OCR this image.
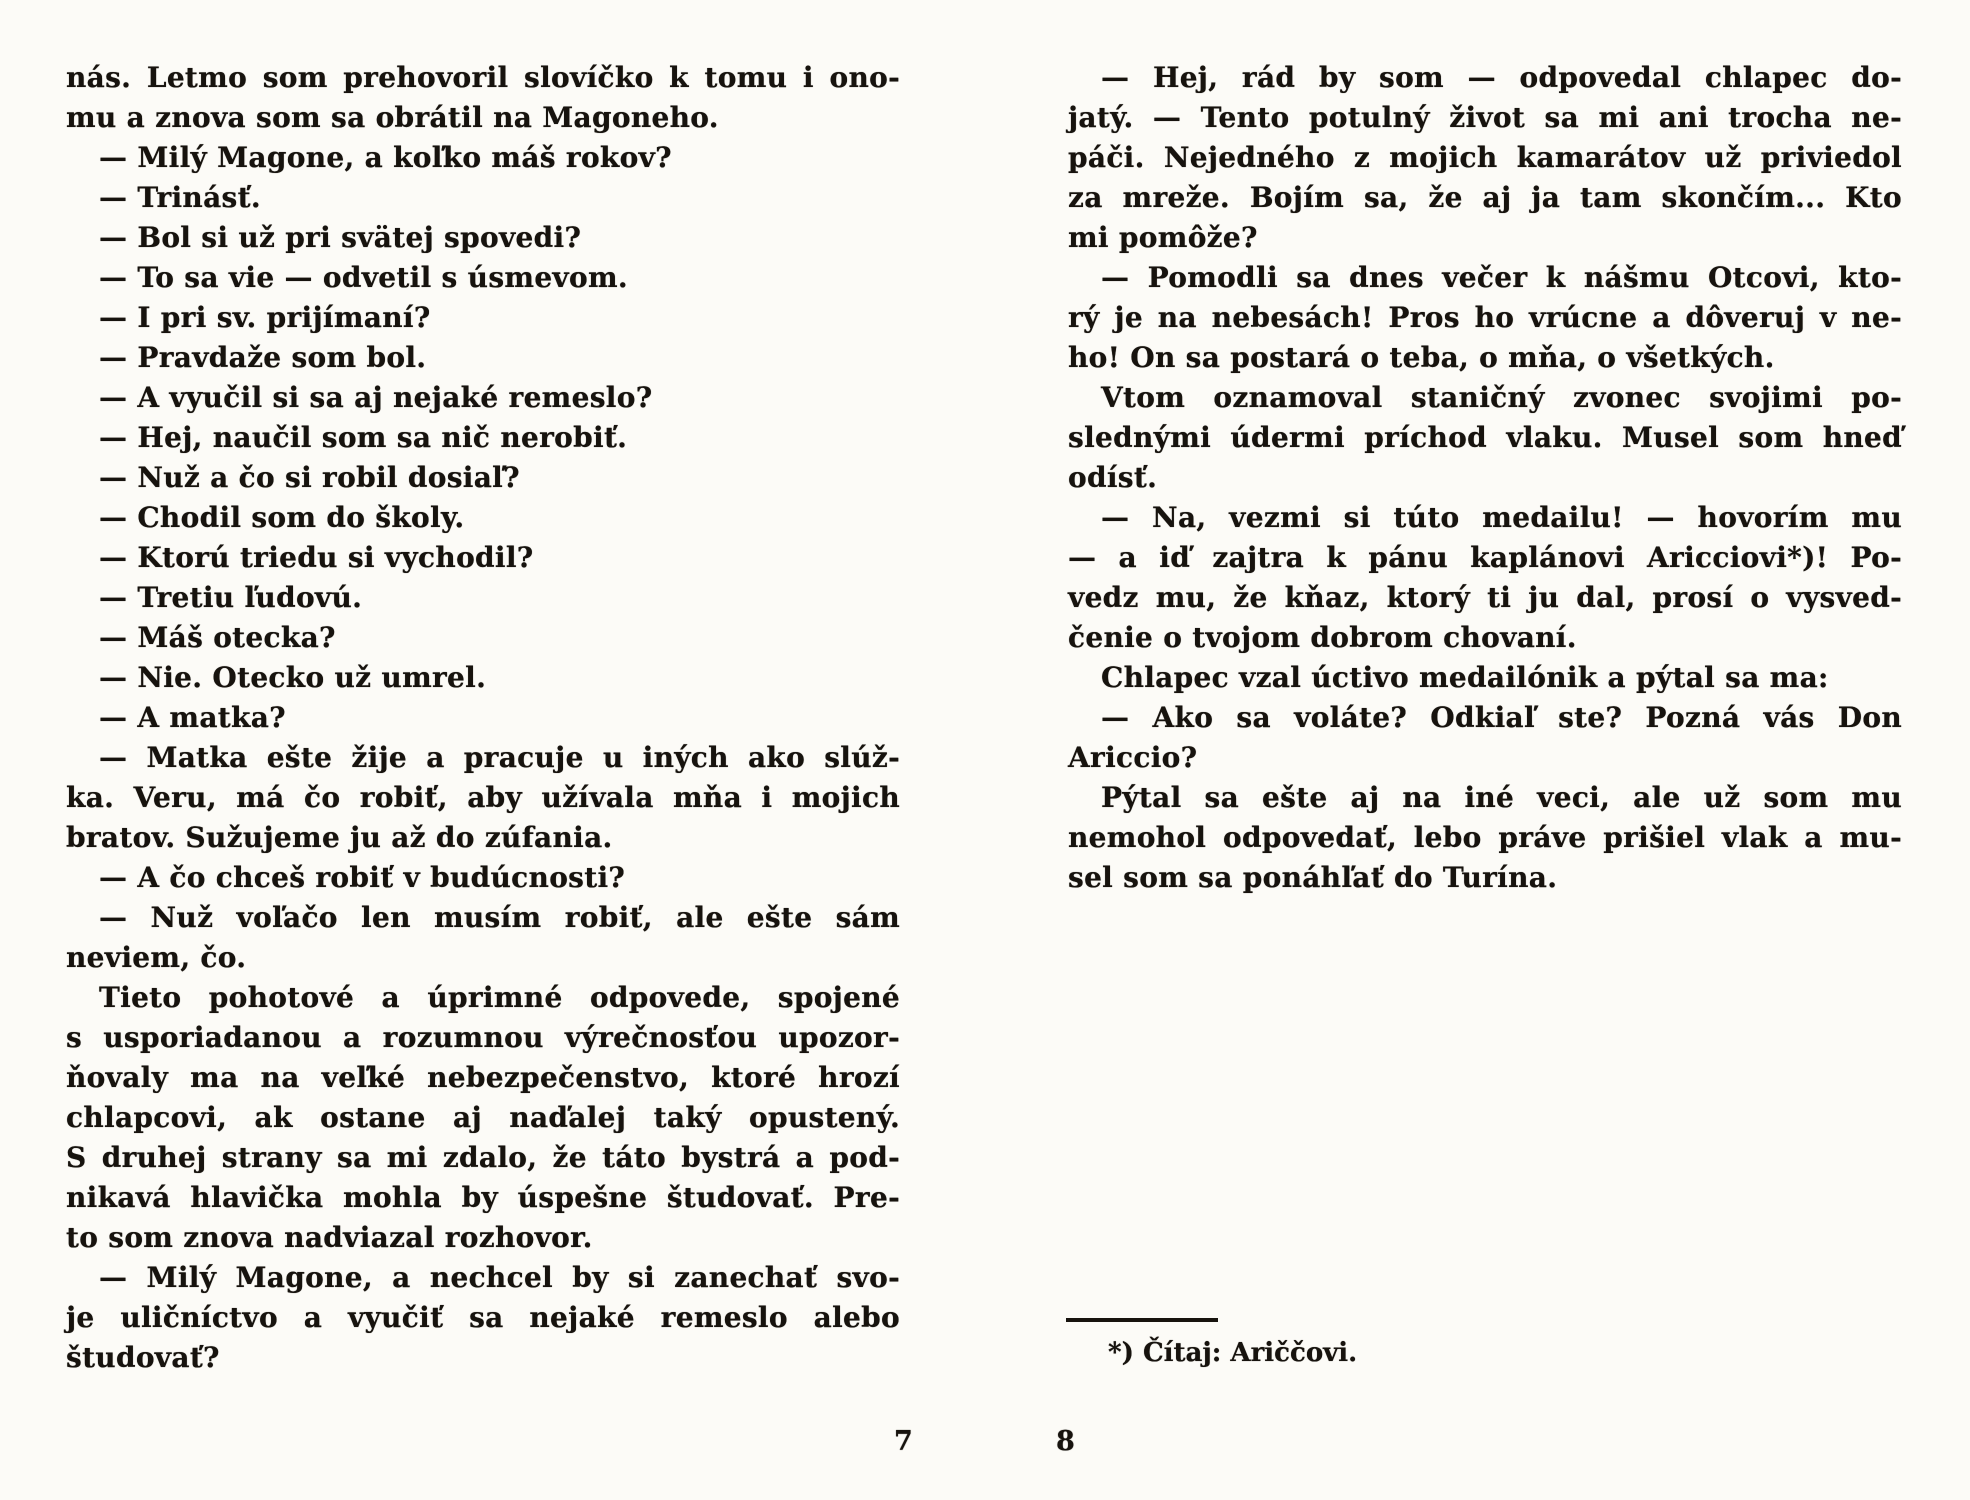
nás. Letmo som prehovoril slovíčko k tomu i ono-
mu a znova som sa obrátil na Magoneho.
— Milý Magone, a koľko máš rokov?
— Trinásť.
— Bol si už pri svätej spovedi?
— To sa vie — odvetil s úsmevom.
— I pri sv. prijímaní?
— Pravdaže som bol.
— A vyučil si sa aj nejaké remeslo?
— Hej, naučil som sa nič nerobiť.
— Nuž a čo si robil dosiaľ?
— Chodil som do školy.
— Ktorú triedu si vychodil?
— Tretiu ľudovú.
— Máš otecka?
— Nie. Otecko už umrel.
— A matka?
— Matka ešte žije a pracuje u iných ako slúž-
ka. Veru, má čo robiť, aby užívala mňa i mojich
bratov. Sužujeme ju až do zúfania.
— A čo chceš robiť v budúcnosti?
— Nuž voľačo len musím robiť, ale ešte sám
neviem, čo.
Tieto pohotové a úprimné odpovede, spojené
s usporiadanou a rozumnou výrečnosťou upozor-
ňovaly ma na veľké nebezpečenstvo, ktoré hrozí
chlapcovi, ak ostane aj naďalej taký opustený.
S druhej strany sa mi zdalo, že táto bystrá a pod-
nikavá hlavička mohla by úspešne študovať. Pre-
to som znova nadviazal rozhovor.
— Milý Magone, a nechcel by si zanechať svo-
je uličníctvo a vyučiť sa nejaké remeslo alebo
študovať?
— Hej, rád by som — odpovedal chlapec do-
jatý. — Tento potulný život sa mi ani trocha ne-
páči. Nejedného z mojich kamarátov už priviedol
za mreže. Bojím sa, že aj ja tam skončím... Kto
mi pomôže?
— Pomodli sa dnes večer k nášmu Otcovi, kto-
rý je na nebesách! Pros ho vrúcne a dôveruj v ne-
ho! On sa postará o teba, o mňa, o všetkých.
Vtom oznamoval staničný zvonec svojimi po-
slednými údermi príchod vlaku. Musel som hneď
odísť.
— Na, vezmi si túto medailu! — hovorím mu
— a iď zajtra k pánu kaplánovi Aricciovi*)! Po-
vedz mu, že kňaz, ktorý ti ju dal, prosí o vysved-
čenie o tvojom dobrom chovaní.
Chlapec vzal úctivo medailónik a pýtal sa ma:
— Ako sa voláte? Odkiaľ ste? Pozná vás Don
Ariccio?
Pýtal sa ešte aj na iné veci, ale už som mu
nemohol odpovedať, lebo práve prišiel vlak a mu-
sel som sa ponáhľať do Turína.
*) Čítaj: Ariččovi.
7	8
